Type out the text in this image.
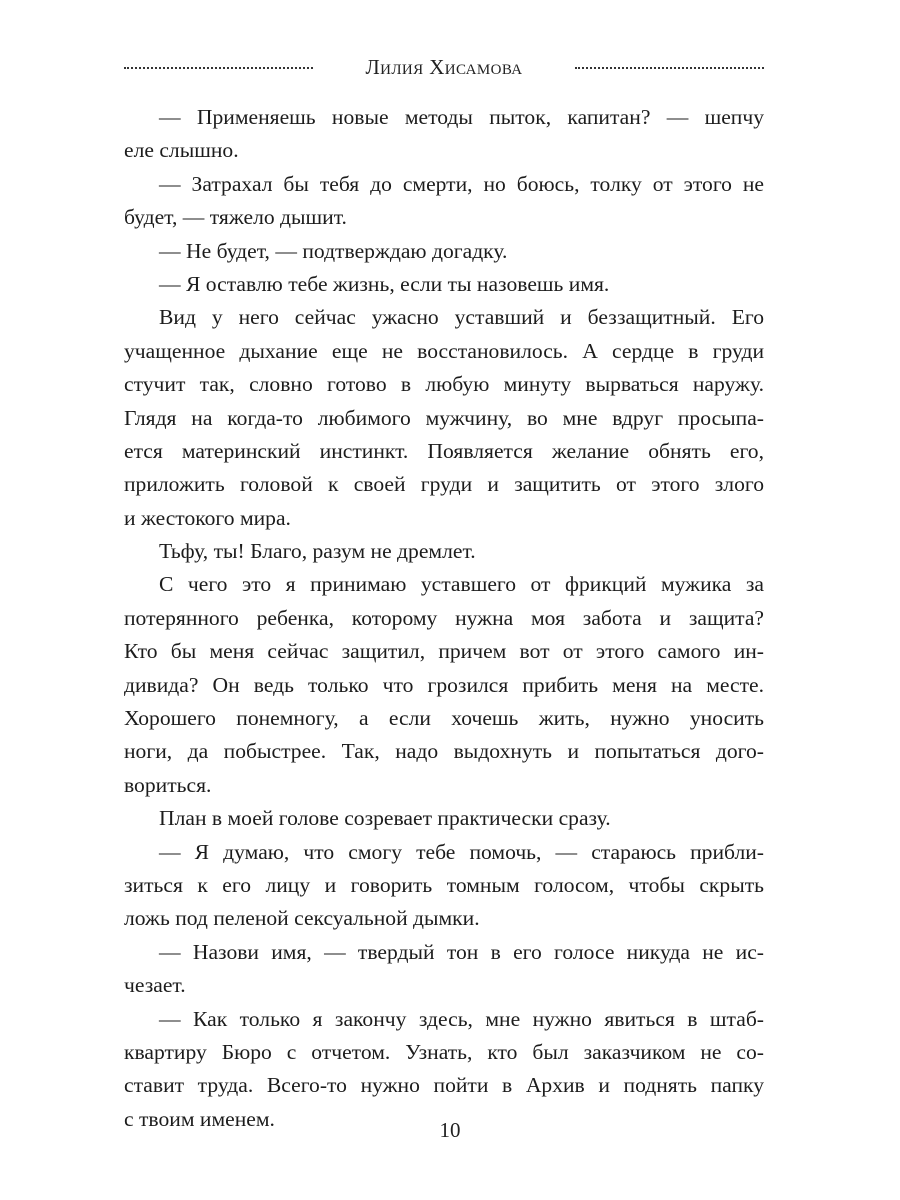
Лилия Хисамова
— Применяешь новые методы пыток, капитан? — шепчу
еле слышно.
— Затрахал бы тебя до смерти, но боюсь, толку от этого не
будет, — тяжело дышит.
— Не будет, — подтверждаю догадку.
— Я оставлю тебе жизнь, если ты назовешь имя.
Вид у него сейчас ужасно уставший и беззащитный. Его
учащенное дыхание еще не восстановилось. А сердце в груди
стучит так, словно готово в любую минуту вырваться наружу.
Глядя на когда-то любимого мужчину, во мне вдруг просыпа-
ется материнский инстинкт. Появляется желание обнять его,
приложить головой к своей груди и защитить от этого злого
и жестокого мира.
Тьфу, ты! Благо, разум не дремлет.
С чего это я принимаю уставшего от фрикций мужика за
потерянного ребенка, которому нужна моя забота и защита?
Кто бы меня сейчас защитил, причем вот от этого самого ин-
дивида? Он ведь только что грозился прибить меня на месте.
Хорошего понемногу, а если хочешь жить, нужно уносить
ноги, да побыстрее. Так, надо выдохнуть и попытаться дого-
вориться.
План в моей голове созревает практически сразу.
— Я думаю, что смогу тебе помочь, — стараюсь прибли-
зиться к его лицу и говорить томным голосом, чтобы скрыть
ложь под пеленой сексуальной дымки.
— Назови имя, — твердый тон в его голосе никуда не ис-
чезает.
— Как только я закончу здесь, мне нужно явиться в штаб-
квартиру Бюро с отчетом. Узнать, кто был заказчиком не со-
ставит труда. Всего-то нужно пойти в Архив и поднять папку
с твоим именем.	10
